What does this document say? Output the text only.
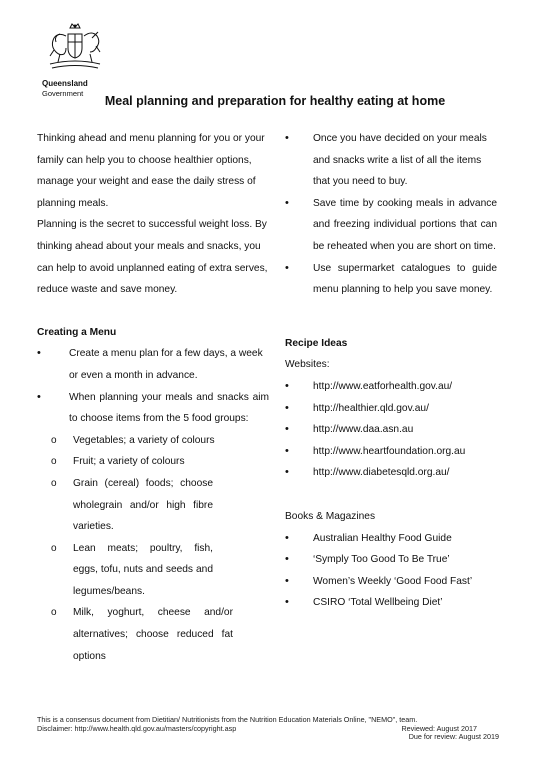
Queensland
Government
Meal planning and preparation for healthy eating at home

Thinking ahead and menu planning for you or your family can help you to choose healthier options, manage your weight and ease the daily stress of planning meals.

Planning is the secret to successful weight loss. By thinking ahead about your meals and snacks, you can help to avoid unplanned eating of extra serves, reduce waste and save money.

Creating a Menu

• Create a menu plan for a few days, a week or even a month in advance.
• When planning your meals and snacks aim to choose items from the 5 food groups:
o Vegetables; a variety of colours
o Fruit; a variety of colours
o Grain (cereal) foods; choose wholegrain and/or high fibre varieties.
o Lean meats; poultry, fish, eggs, tofu, nuts and seeds and legumes/beans.
o Milk, yoghurt, cheese and/or alternatives; choose reduced fat options
• Once you have decided on your meals and snacks write a list of all the items that you need to buy.
• Save time by cooking meals in advance and freezing individual portions that can be reheated when you are short on time.
• Use supermarket catalogues to guide menu planning to help you save money.

Recipe Ideas

Websites:

• http://www.eatforhealth.gov.au/
• http://healthier.qld.gov.au/
• http://www.daa.asn.au
• http://www.heartfoundation.org.au
• http://www.diabetesqld.org.au/

Books & Magazines

• Australian Healthy Food Guide
• ‘Symply Too Good To Be True’
• Women’s Weekly ‘Good Food Fast’
• CSIRO ‘Total Wellbeing Diet’
This is a consensus document from Dietitian/ Nutritionists from the Nutrition Education Materials Online, "NEMO", team.
Disclaimer: http://www.health.qld.gov.au/masters/copyright.asp	Reviewed: August 2017
Due for review: August 2019
